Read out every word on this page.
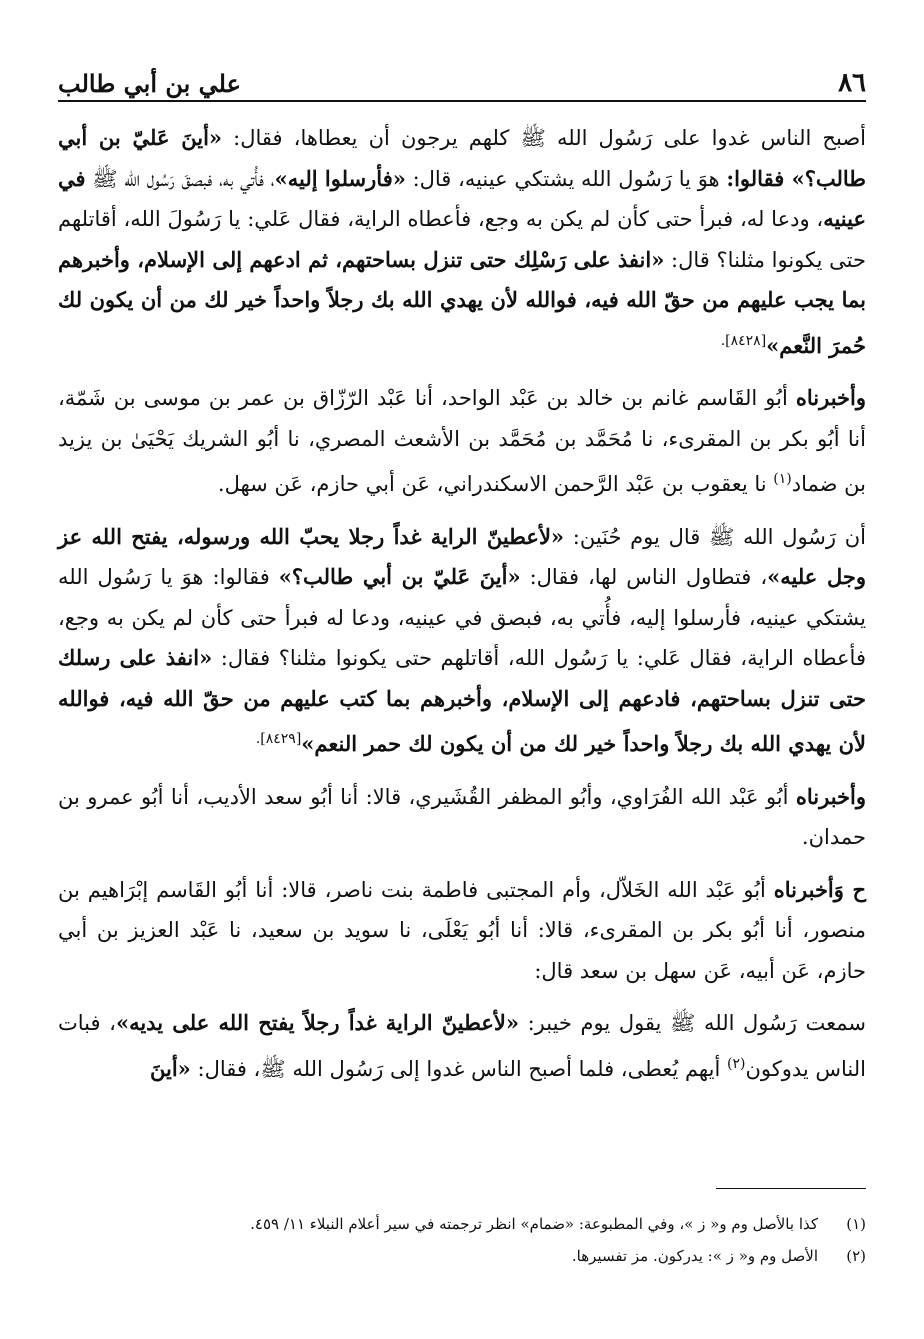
٨٦
علي بن أبي طالب

أصبح الناس غدوا على رَسُول الله ﷺ كلهم يرجون أن يعطاها، فقال: «أينَ عَليّ بن أبي طالب؟» فقالوا: هوَ يا رَسُول الله يشتكي عينيه، قال: «فأرسلوا إليه»، فأُتي به، فبصقَ رَسُول الله ﷺ في عينيه، ودعا له، فبرأ حتى كأن لم يكن به وجع، فأعطاه الراية، فقال عَلي: يا رَسُولَ الله، أقاتلهم حتى يكونوا مثلنا؟ قال: «انفذ على رَسْلِك حتى تنزل بساحتهم، ثم ادعهم إلى الإسلام، وأخبرهم بما يجب عليهم من حقّ الله فيه، فوالله لأن يهدي الله بك رجلاً واحداً خير لك من أن يكون لك حُمرَ النَّعم»$^{[٨٤٢٨].}$

وأخبرناه أبُو القَاسم غانم بن خالد بن عَبْد الواحد، أنا عَبْد الرّزّاق بن عمر بن موسى بن شَمّة، أنا أبُو بكر بن المقرىء، نا مُحَمَّد بن مُحَمَّد بن الأشعث المصري، نا أبُو الشريك يَحْيَىٰ بن يزيد بن ضماد$^{(١)}$ نا يعقوب بن عَبْد الرَّحمن الاسكندراني، عَن أبي حازم، عَن سهل.

أن رَسُول الله ﷺ قال يوم حُنَين: «لأعطينّ الراية غداً رجلا يحبّ الله ورسوله، يفتح الله عز وجل عليه»، فتطاول الناس لها، فقال: «أينَ عَليّ بن أبي طالب؟» فقالوا: هوَ يا رَسُول الله يشتكي عينيه، فأرسلوا إليه، فأُتي به، فبصق في عينيه، ودعا له فبرأ حتى كأن لم يكن به وجع، فأعطاه الراية، فقال عَلي: يا رَسُول الله، أقاتلهم حتى يكونوا مثلنا؟ فقال: «انفذ على رسلك حتى تنزل بساحتهم، فادعهم إلى الإسلام، وأخبرهم بما كتب عليهم من حقّ الله فيه، فوالله لأن يهدي الله بك رجلاً واحداً خير لك من أن يكون لك حمر النعم»$^{[٨٤٢٩].}$

وأخبرناه أبُو عَبْد الله الفُرَاوي، وأبُو المظفر القُشَيري، قالا: أنا أبُو سعد الأديب، أنا أبُو عمرو بن حمدان.

ح وَأخبرناه أبُو عَبْد الله الخَلاّل، وأم المجتبى فاطمة بنت ناصر، قالا: أنا أبُو القَاسم إبْرَاهيم بن منصور، أنا أبُو بكر بن المقرىء، قالا: أنا أبُو يَعْلَى، نا سويد بن سعيد، نا عَبْد العزيز بن أبي حازم، عَن أبيه، عَن سهل بن سعد قال:

سمعت رَسُول الله ﷺ يقول يوم خيبر: «لأعطينّ الراية غداً رجلاً يفتح الله على يديه»، فبات الناس يدوكون$^{(٢)}$ أيهم يُعطى، فلما أصبح الناس غدوا إلى رَسُول الله ﷺ، فقال: «أينَ

(١)
كذا بالأصل وم و« ز »، وفي المطبوعة: «ضمام» انظر ترجمته في سير أعلام النبلاء ١١/ ٤٥٩.
(٢)
الأصل وم و« ز »: يدركون. مز تفسيرها.
